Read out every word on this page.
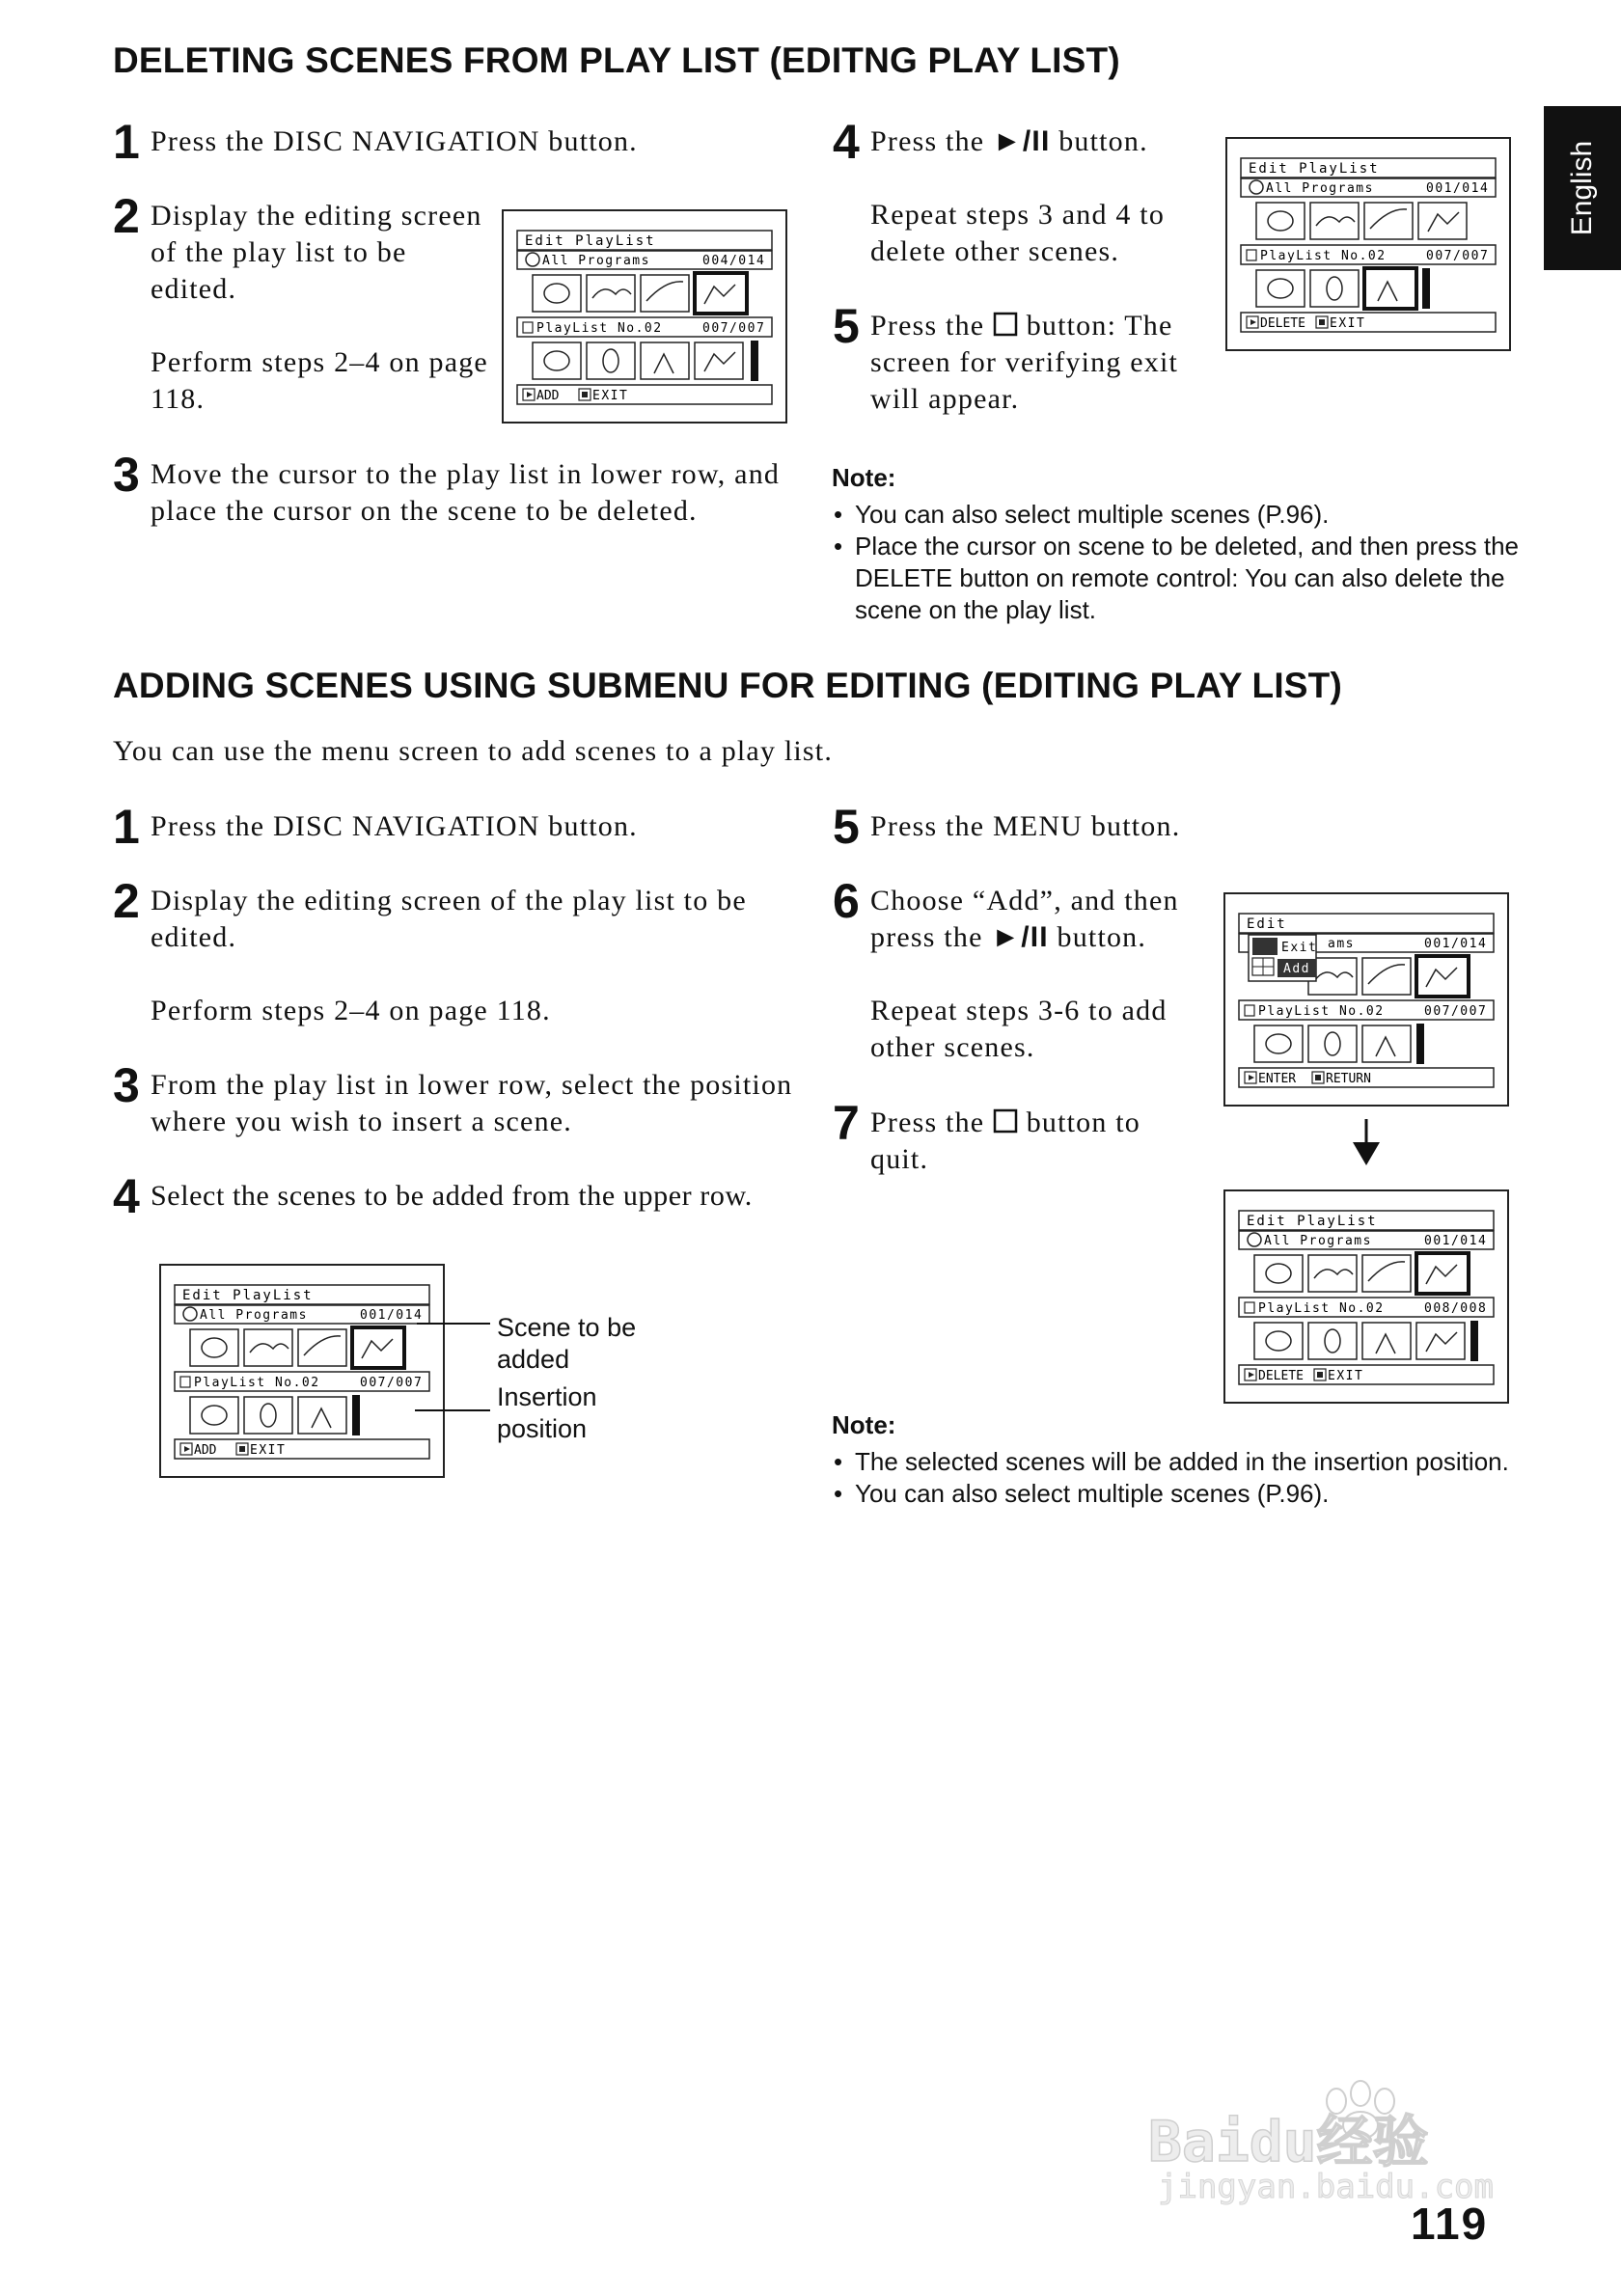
English
DELETING SCENES FROM PLAY LIST (EDITNG PLAY LIST)
1 Press the DISC NAVIGATION button.
2 Display the editing screen of the play list to be edited.
Perform steps 2–4 on page 118.
3 Move the cursor to the play list in lower row, and place the cursor on the scene to be deleted.
4 Press the ►/II button.
Repeat steps 3 and 4 to delete other scenes.
5 Press the button: The screen for verifying exit will appear.
Note:
• You can also select multiple scenes (P.96).
• Place the cursor on scene to be deleted, and then press the DELETE button on remote control: You can also delete the scene on the play list.
Edit PlayList
All Programs	004/014
PlayList No.02	007/007
ADD	EXIT
Edit PlayList
All Programs	001/014
PlayList No.02	007/007
DELETE EXIT
ADDING SCENES USING SUBMENU FOR EDITING (EDITING PLAY LIST)
You can use the menu screen to add scenes to a play list.
1 Press the DISC NAVIGATION button.
2 Display the editing screen of the play list to be edited.
Perform steps 2–4 on page 118.
3 From the play list in lower row, select the position where you wish to insert a scene.
4 Select the scenes to be added from the upper row.
5 Press the MENU button.
6 Choose “Add”, and then press the ►/II button.
Repeat steps 3-6 to add other scenes.
7 Press the button to quit.
Edit PlayList
All Programs	001/014
PlayList No.02	007/007
ADD	EXIT
Scene to be added
Insertion position
Edit
ams	001/014
Exit
Add
PlayList No.02	007/007
ENTER RETURN
Edit PlayList
All Programs	001/014
PlayList No.02	008/008
DELETE EXIT
Note:
• The selected scenes will be added in the insertion position.
• You can also select multiple scenes (P.96).
Baidu经验
jingyan.baidu.com
119
